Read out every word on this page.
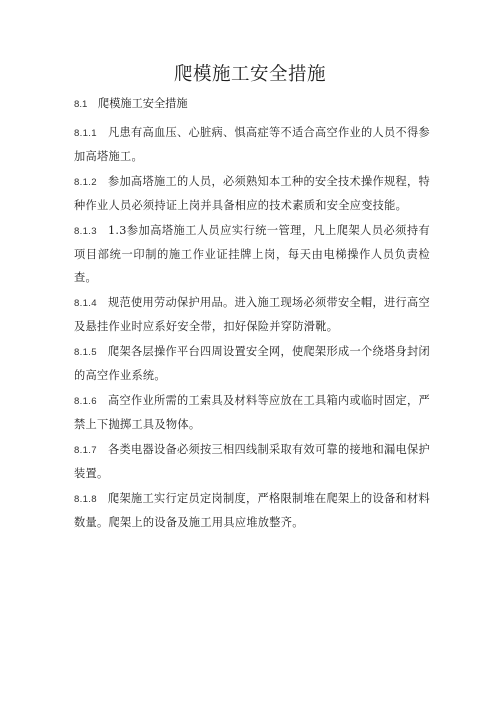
爬模施工安全措施

8.1 爬模施工安全措施

8.1.1 凡患有高血压、心脏病、惧高症等不适合高空作业的人员不得参加高塔施工。

8.1.2 参加高塔施工的人员，必须熟知本工种的安全技术操作规程，特种作业人员必须持证上岗并具备相应的技术素质和安全应变技能。

8.1.3 1.3参加高塔施工人员应实行统一管理，凡上爬架人员必须持有项目部统一印制的施工作业证挂牌上岗，每天由电梯操作人员负责检查。

8.1.4 规范使用劳动保护用品。进入施工现场必须带安全帽，进行高空及悬挂作业时应系好安全带，扣好保险并穿防滑靴。

8.1.5 爬架各层操作平台四周设置安全网，使爬架形成一个绕塔身封闭的高空作业系统。

8.1.6 高空作业所需的工索具及材料等应放在工具箱内或临时固定，严禁上下抛掷工具及物体。

8.1.7 各类电器设备必须按三相四线制采取有效可靠的接地和漏电保护装置。

8.1.8 爬架施工实行定员定岗制度，严格限制堆在爬架上的设备和材料数量。爬架上的设备及施工用具应堆放整齐。
